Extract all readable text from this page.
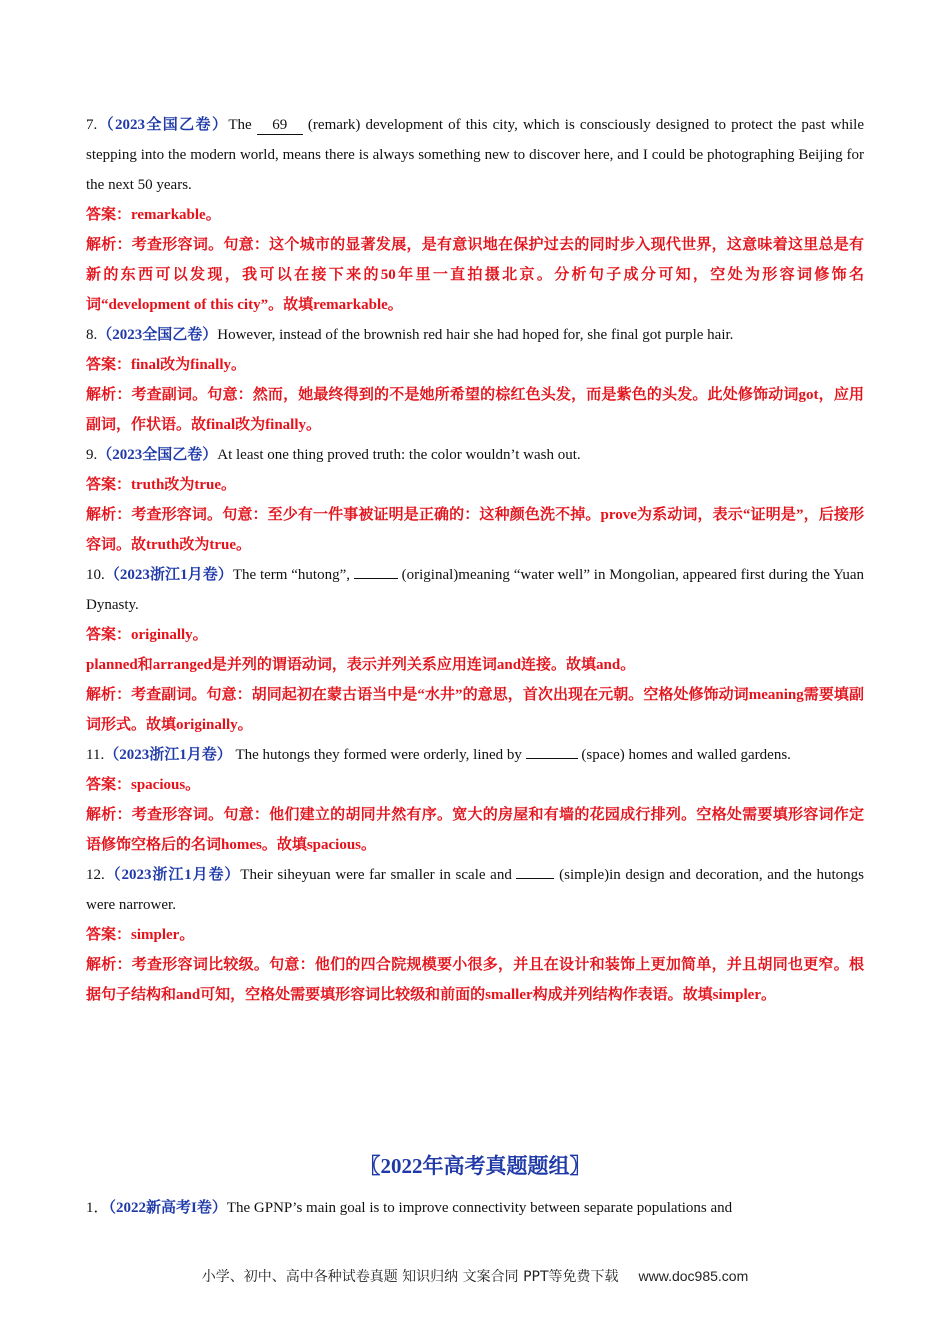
7.（2023全国乙卷）The 69 (remark) development of this city, which is consciously designed to protect the past while stepping into the modern world, means there is always something new to discover here, and I could be photographing Beijing for the next 50 years.

答案：remarkable。

解析：考查形容词。句意：这个城市的显著发展，是有意识地在保护过去的同时步入现代世界，这意味着这里总是有新的东西可以发现，我可以在接下来的50年里一直拍摄北京。分析句子成分可知，空处为形容词修饰名词“development of this city”。故填remarkable。

8.（2023全国乙卷）However, instead of the brownish red hair she had hoped for, she final got purple hair.

答案：final改为finally。

解析：考查副词。句意：然而，她最终得到的不是她所希望的棕红色头发，而是紫色的头发。此处修饰动词got，应用副词，作状语。故final改为finally。

9.（2023全国乙卷）At least one thing proved truth: the color wouldn’t wash out.

答案：truth改为true。

解析：考查形容词。句意：至少有一件事被证明是正确的：这种颜色洗不掉。prove为系动词，表示“证明是”，后接形容词。故truth改为true。

10.（2023浙江1月卷）The term “hutong”,	(original)meaning “water well” in Mongolian, appeared first during the Yuan Dynasty.

答案：originally。

planned和arranged是并列的谓语动词，表示并列关系应用连词and连接。故填and。

解析：考查副词。句意：胡同起初在蒙古语当中是“水井”的意思，首次出现在元朝。空格处修饰动词meaning需要填副词形式。故填originally。

11.（2023浙江1月卷） The hutongs they formed were orderly, lined by	(space) homes and walled gardens.

答案：spacious。

解析：考查形容词。句意：他们建立的胡同井然有序。宽大的房屋和有墙的花园成行排列。空格处需要填形容词作定语修饰空格后的名词homes。故填spacious。

12.（2023浙江1月卷）Their siheyuan were far smaller in scale and	(simple)in design and decoration, and the hutongs were narrower.

答案：simpler。

解析：考查形容词比较级。句意：他们的四合院规模要小很多，并且在设计和装饰上更加简单，并且胡同也更窄。根据句子结构和and可知，空格处需要填形容词比较级和前面的smaller构成并列结构作表语。故填simpler。

〖2022年高考真题题组〗

1．（2022新高考I卷）The GPNP’s main goal is to improve connectivity between separate populations and

小学、初中、高中各种试卷真题 知识归纳 文案合同 PPT等免费下载 www.doc985.com
